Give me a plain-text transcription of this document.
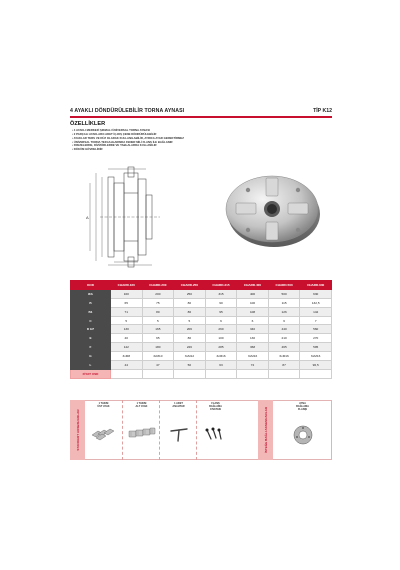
4 AYAKLI DÖNDÜRÜLEBİLİR TORNA AYNASI	TİP K12
ÖZELLİKLER
• 4 AYAKLI MERKEZİ ŞIKMALI ÜNİVERSAL TORNA AYNASI
• 2 PARÇALI AYAKLAR/4 ADET İÇ-DIŞ ÇENE DÖNDÜRÜLEBİLİR
• AYAKLAR TERS VE DÜZ OLARAK KULLANILABİLİR, AYRICA AYAR GEREKTİRMEZ
• ÜNİVERSAL TORNA TEZGAHLARINDA FENER MİLİ FLANŞ İLE BAĞLANIR
• FREZELERDE, DİVİZÖRLERDE VE TABLALARDA KULLANILIR
• DÖKÜM GÖVDELİDİR
A
KOD	CHARD.160	CHARD.200	CHARD.250	CHARD.315	CHARD.400	CHARD.500	CHARD.630
ØA	160	200	250	315	400	500	630
B	65	75	80	90	100	115	132,5
B1	71	80	86	95	108	126	142
C	5	5	5	6	6	6	7
D H7	130	165	206	260	340	440	560
E	40	65	80	100	130	210	270
F	142	180	226	285	368	465	595
G	3xM8	3xM10	3xM12	3xM16	3xM16	6xM16	6xM16
L	44	47	50	63	72	87	96,5
FİYAT USD							
STANDART AKSESUARLAR
1 TAKIM
ÜST AYAK
1 TAKIM
ALT AYAK
1 ADET
ANAHTAR
FLANŞ
BAĞLAMA
CIVATASI	İSTEĞE BAĞLI AKSESUARLAR
AYNA
BAĞLAMA
FLANŞI
